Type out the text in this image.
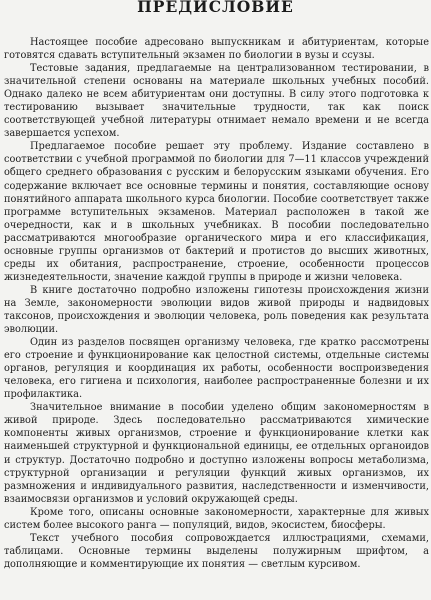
ПРЕДИСЛОВИЕ

Настоящее пособие адресовано выпускникам и абитуриентам, которые готовятся сдавать вступительный экзамен по биологии в вузы и ссузы.

Тестовые задания, предлагаемые на централизованном тестировании, в значительной степени основаны на материале школьных учебных пособий. Однако далеко не всем абитуриентам они доступны. В силу этого подготовка к тестированию вызывает значительные трудности, так как поиск соответствующей учебной литературы отнимает немало времени и не всегда завершается успехом.

Предлагаемое пособие решает эту проблему. Издание составлено в соответствии с учебной программой по биологии для 7—11 классов учреждений общего среднего образования с русским и белорусским языками обучения. Его содержание включает все основные термины и понятия, составляющие основу понятийного аппарата школьного курса биологии. Пособие соответствует также программе вступительных экзаменов. Материал расположен в такой же очередности, как и в школьных учебниках. В пособии последовательно рассматриваются многообразие органического мира и его классификация, основные группы организмов от бактерий и протистов до высших животных, среды их обитания, распространение, строение, особенности процессов жизнедеятельности, значение каждой группы в природе и жизни человека.

В книге достаточно подробно изложены гипотезы происхождения жизни на Земле, закономерности эволюции видов живой природы и надвидовых таксонов, происхождения и эволюции человека, роль поведения как результата эволюции.

Один из разделов посвящен организму человека, где кратко рассмотрены его строение и функционирование как целостной системы, отдельные системы органов, регуляция и координация их работы, особенности воспроизведения человека, его гигиена и психология, наиболее распространенные болезни и их профилактика.

Значительное внимание в пособии уделено общим закономерностям в живой природе. Здесь последовательно рассматриваются химические компоненты живых организмов, строение и функционирование клетки как наименьшей структурной и функциональной единицы, ее отдельных органоидов и структур. Достаточно подробно и доступно изложены вопросы метаболизма, структурной организации и регуляции функций живых организмов, их размножения и индивидуального развития, наследственности и изменчивости, взаимосвязи организмов и условий окружающей среды.

Кроме того, описаны основные закономерности, характерные для живых систем более высокого ранга — популяций, видов, экосистем, биосферы.

Текст учебного пособия сопровождается иллюстрациями, схемами, таблицами. Основные термины выделены полужирным шрифтом, а дополняющие и комментирующие их понятия — светлым курсивом.
